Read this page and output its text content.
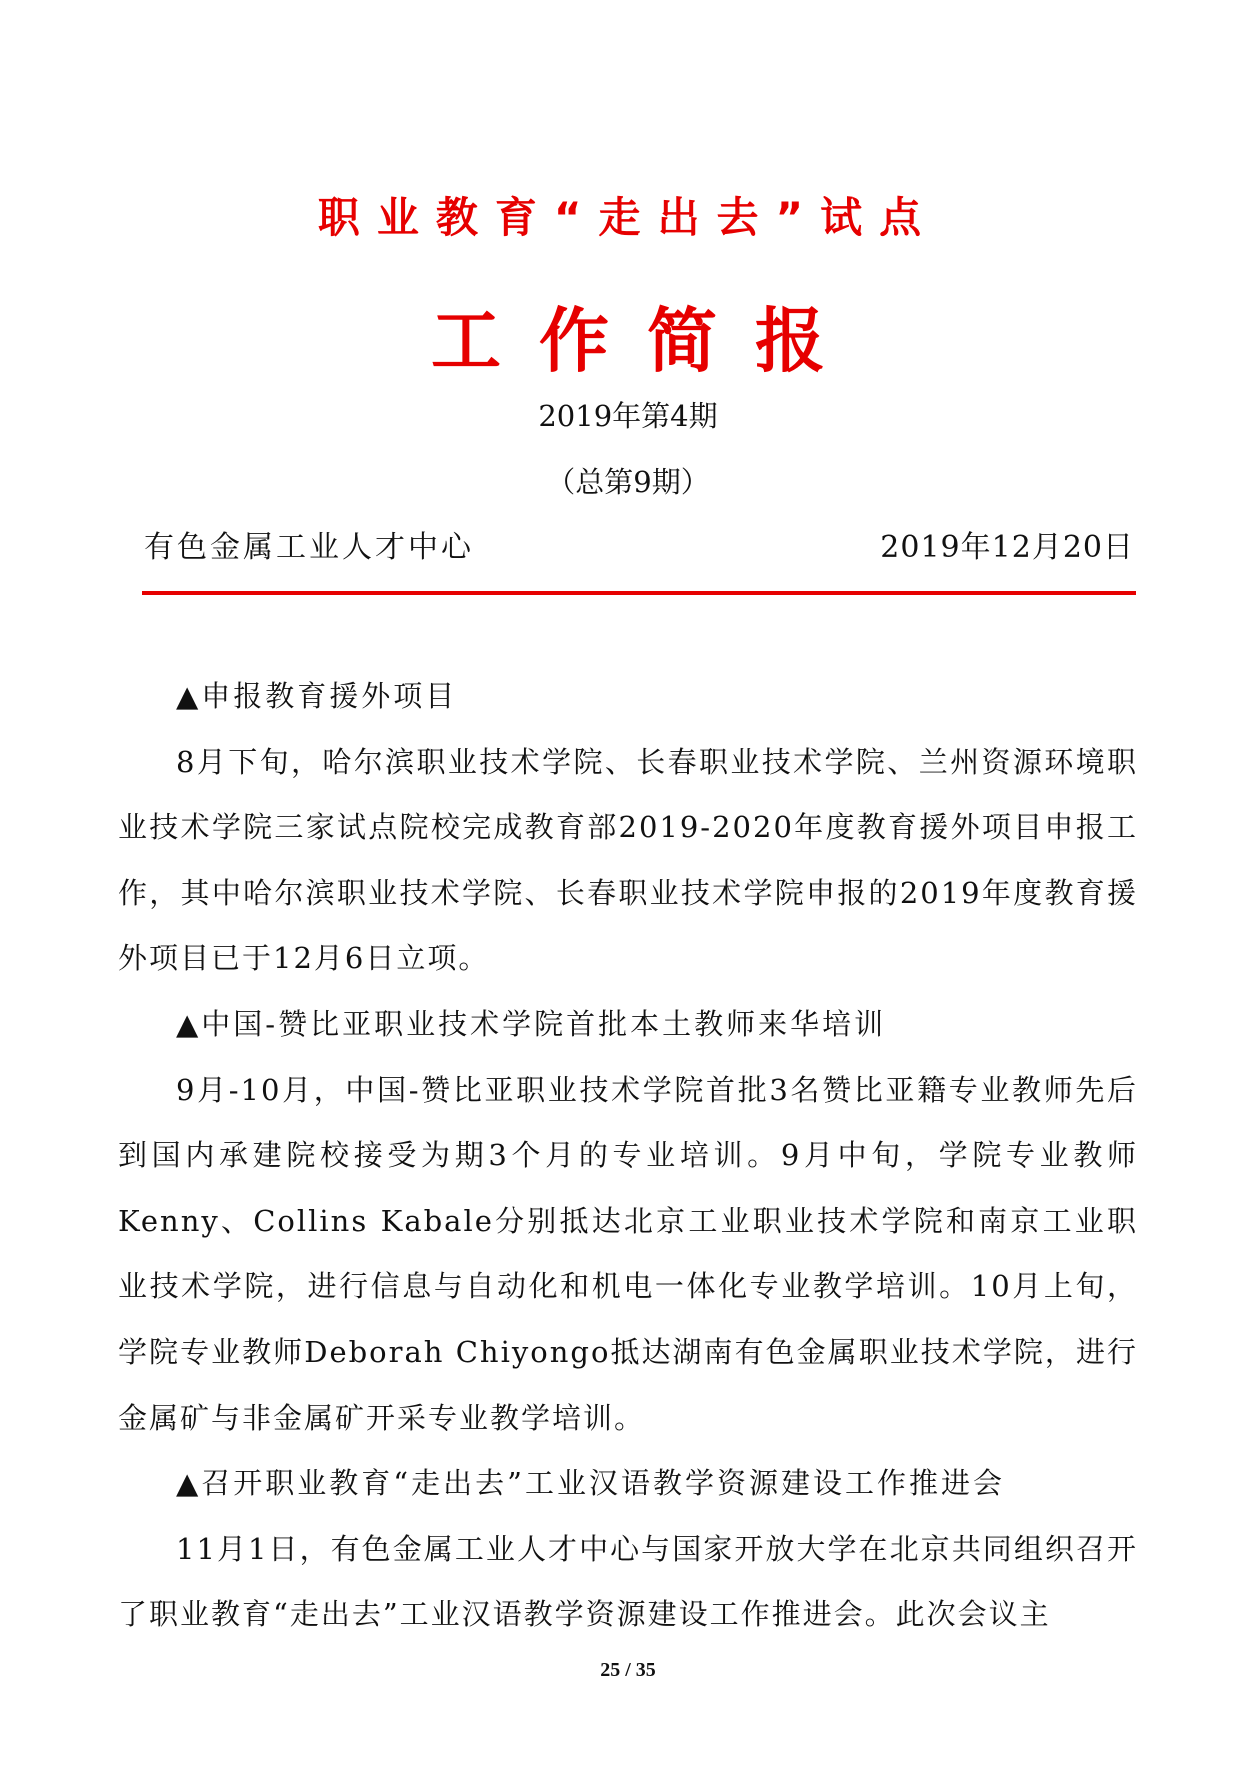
职业教育“走出去”试点
工作简报
2019年第4期
（总第9期）
有色金属工业人才中心	2019年12月20日

▲申报教育援外项目

8月下旬，哈尔滨职业技术学院、长春职业技术学院、兰州资源环境职业技术学院三家试点院校完成教育部2019-2020年度教育援外项目申报工作，其中哈尔滨职业技术学院、长春职业技术学院申报的2019年度教育援外项目已于12月6日立项。

▲中国-赞比亚职业技术学院首批本土教师来华培训

9月-10月，中国-赞比亚职业技术学院首批3名赞比亚籍专业教师先后到国内承建院校接受为期3个月的专业培训。9月中旬，学院专业教师Kenny、Collins Kabale分别抵达北京工业职业技术学院和南京工业职业技术学院，进行信息与自动化和机电一体化专业教学培训。10月上旬，学院专业教师Deborah Chiyongo抵达湖南有色金属职业技术学院，进行金属矿与非金属矿开采专业教学培训。

▲召开职业教育“走出去”工业汉语教学资源建设工作推进会

11月1日，有色金属工业人才中心与国家开放大学在北京共同组织召开了职业教育“走出去”工业汉语教学资源建设工作推进会。此次会议主

25 / 35
